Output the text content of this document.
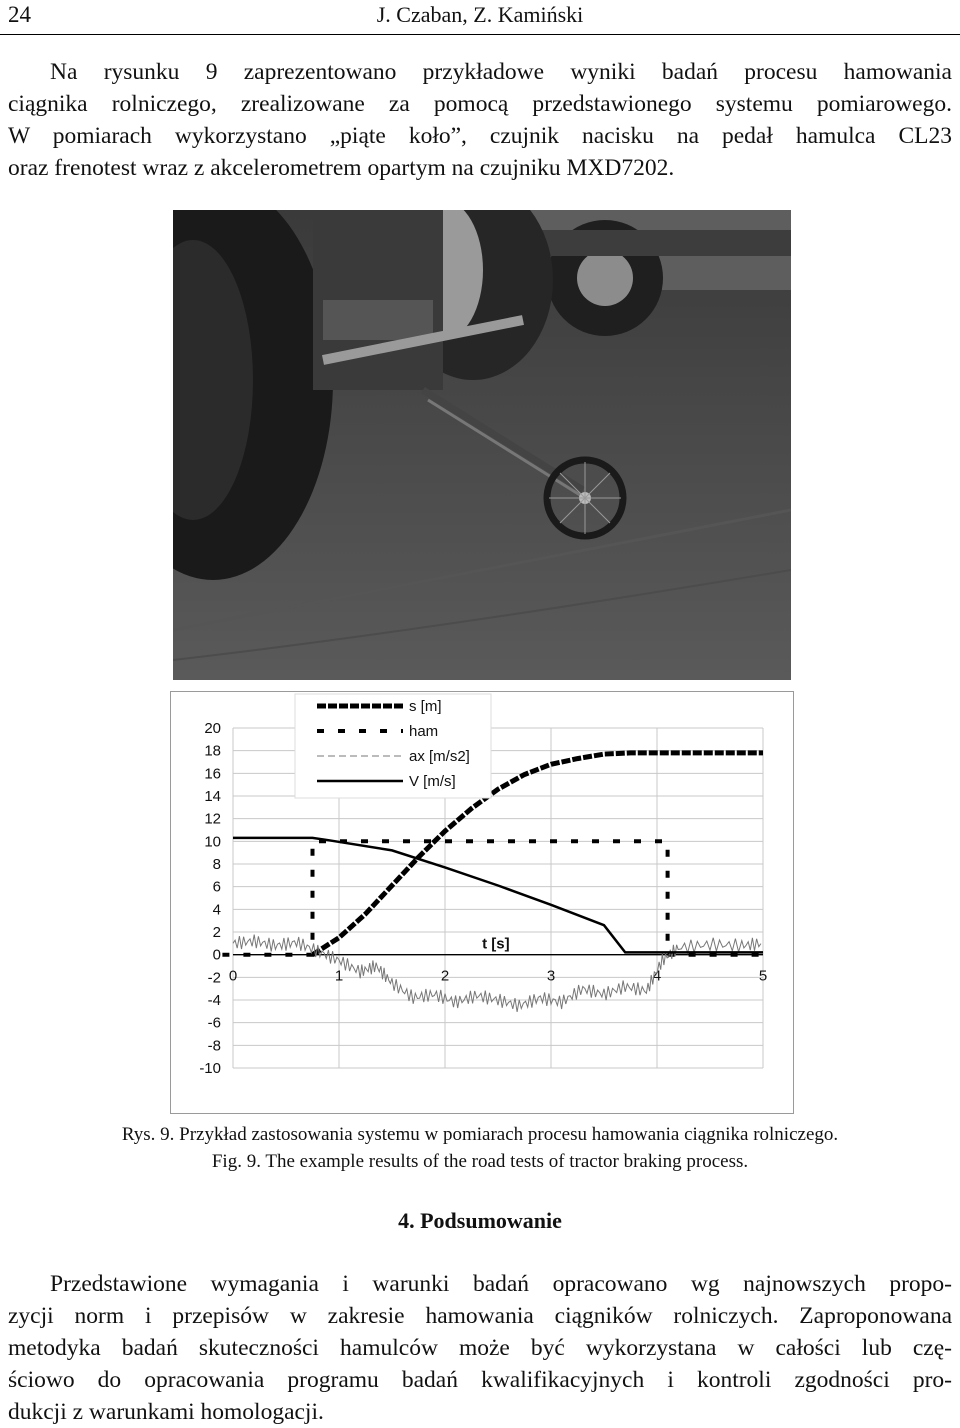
24	J. Czaban, Z. Kamiński
Na rysunku 9 zaprezentowano przykładowe wyniki badań procesu hamowania
ciągnika rolniczego, zrealizowane za pomocą przedstawionego systemu pomiarowego.
W pomiarach wykorzystano „piąte koło”, czujnik nacisku na pedał hamulca CL23
oraz frenotest wraz z akcelerometrem opartym na czujniku MXD7202.
20
18
16
14
12
10
8
6
4
2
0
-2
-4
-6
-8
-10
0	1	2	3	4	5
t [s]
s [m]
ham
ax [m/s2]
V [m/s]
Rys. 9. Przykład zastosowania systemu w pomiarach procesu hamowania ciągnika rolniczego.
Fig. 9. The example results of the road tests of tractor braking process.
4. Podsumowanie
Przedstawione wymagania i warunki badań opracowano wg najnowszych propo-
zycji norm i przepisów w zakresie hamowania ciągników rolniczych. Zaproponowana
metodyka badań skuteczności hamulców może być wykorzystana w całości lub czę-
ściowo do opracowania programu badań kwalifikacyjnych i kontroli zgodności pro-
dukcji z warunkami homologacji.
